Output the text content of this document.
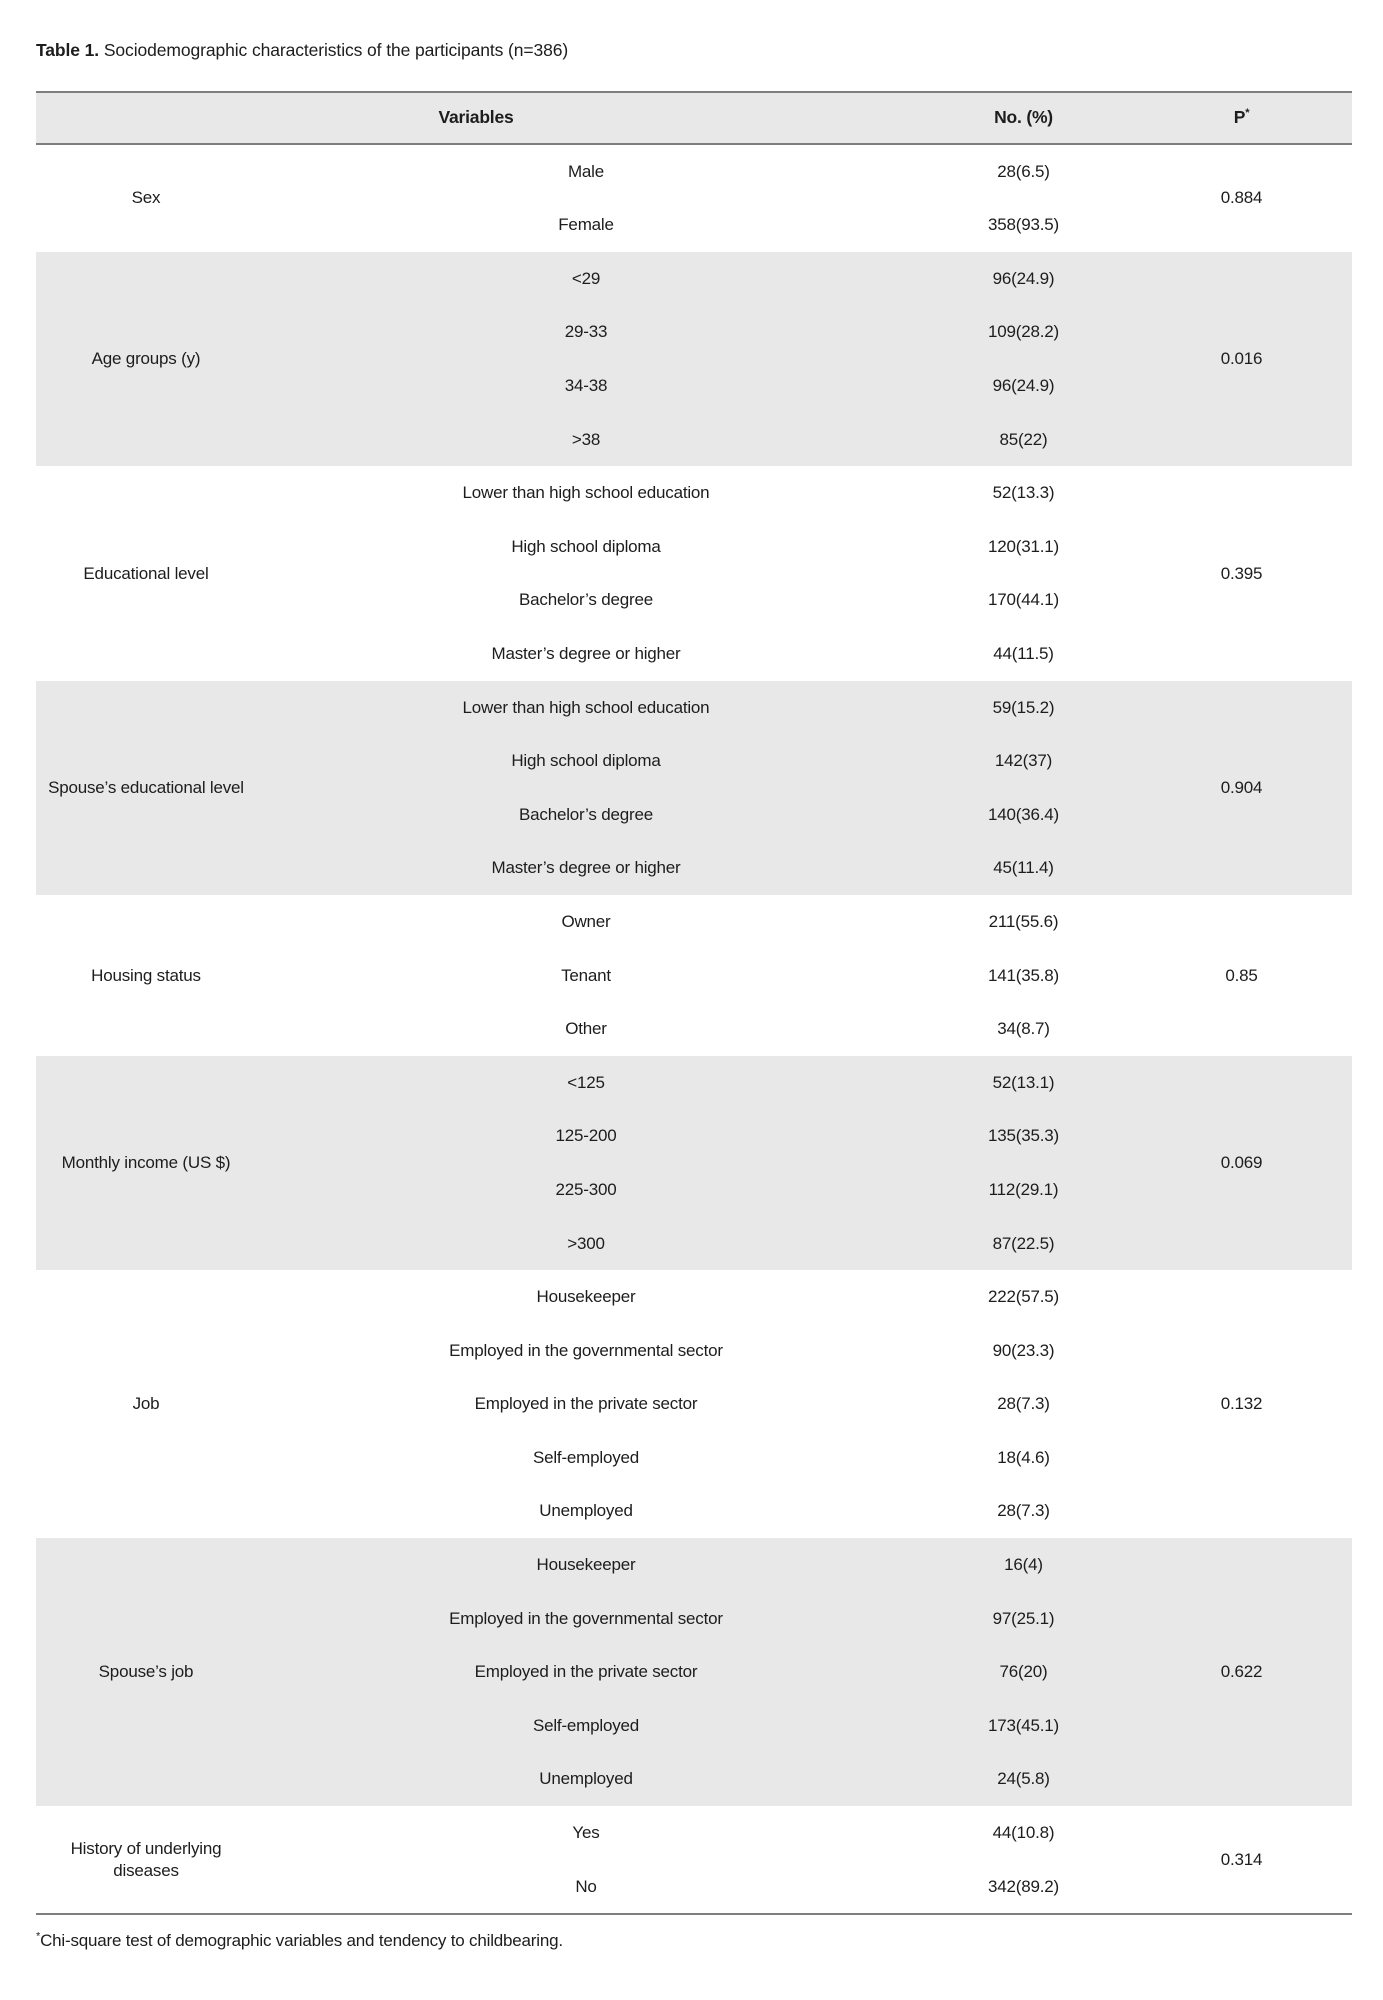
Table 1. Sociodemographic characteristics of the participants (n=386)

Variables		No. (%)	P*
Sex	Male	28(6.5)	0.884
	Female	358(93.5)	
Age groups (y)	<29	96(24.9)	0.016
	29-33	109(28.2)	
	34-38	96(24.9)	
	>38	85(22)	
Educational level	Lower than high school education	52(13.3)	0.395
	High school diploma	120(31.1)	
	Bachelor’s degree	170(44.1)	
	Master’s degree or higher	44(11.5)	
Spouse’s educational level	Lower than high school education	59(15.2)	0.904
	High school diploma	142(37)	
	Bachelor’s degree	140(36.4)	
	Master’s degree or higher	45(11.4)	
Housing status	Owner	211(55.6)	0.85
	Tenant	141(35.8)	
	Other	34(8.7)	
Monthly income (US $)	<125	52(13.1)	0.069
	125-200	135(35.3)	
	225-300	112(29.1)	
	>300	87(22.5)	
Job	Housekeeper	222(57.5)	0.132
	Employed in the governmental sector	90(23.3)	
	Employed in the private sector	28(7.3)	
	Self-employed	18(4.6)	
	Unemployed	28(7.3)	
Spouse’s job	Housekeeper	16(4)	0.622
	Employed in the governmental sector	97(25.1)	
	Employed in the private sector	76(20)	
	Self-employed	173(45.1)	
	Unemployed	24(5.8)	
History of underlying diseases	Yes	44(10.8)	0.314
	No	342(89.2)	

*Chi-square test of demographic variables and tendency to childbearing.
